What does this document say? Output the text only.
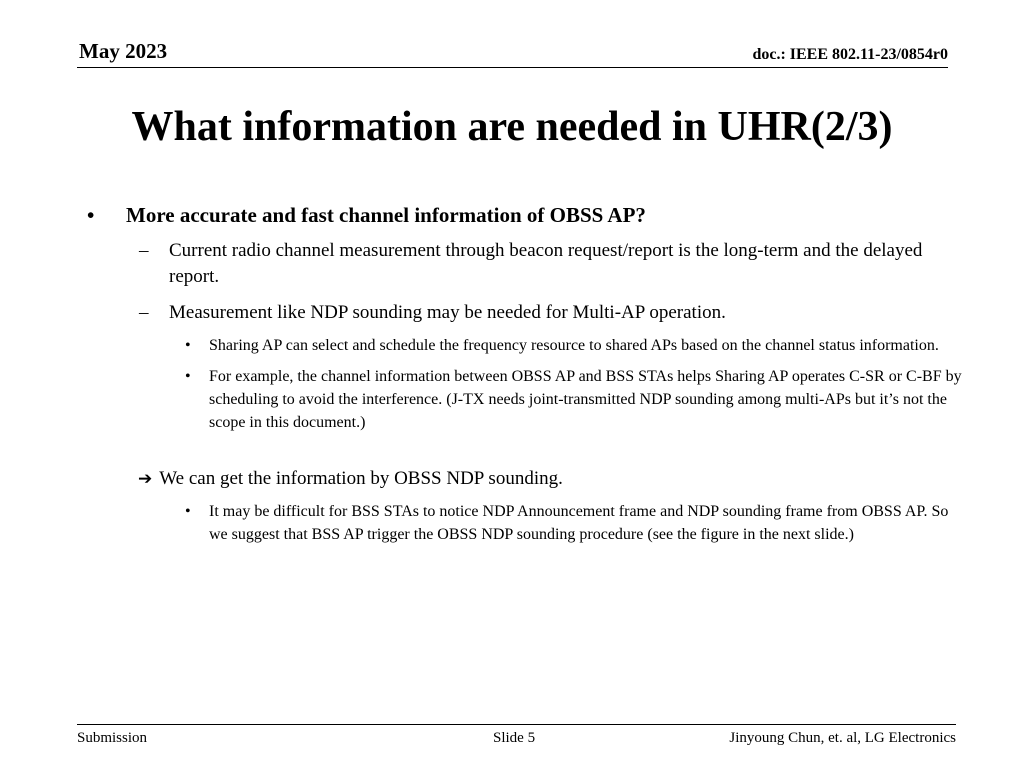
May 2023	doc.: IEEE 802.11-23/0854r0
What information are needed in UHR(2/3)
• More accurate and fast channel information of OBSS AP?
– Current radio channel measurement through beacon request/report is the long-term and the delayed report.
– Measurement like NDP sounding may be needed for Multi-AP operation.
• Sharing AP can select and schedule the frequency resource to shared APs based on the channel status information.
• For example, the channel information between OBSS AP and BSS STAs helps Sharing AP operates C-SR or C-BF by scheduling to avoid the interference. (J-TX needs joint-transmitted NDP sounding among multi-APs but it’s not the scope in this document.)
➔ We can get the information by OBSS NDP sounding.
• It may be difficult for BSS STAs to notice NDP Announcement frame and NDP sounding frame from OBSS AP. So we suggest that BSS AP trigger the OBSS NDP sounding procedure (see the figure in the next slide.)
Submission	Slide 5	Jinyoung Chun, et. al, LG Electronics
